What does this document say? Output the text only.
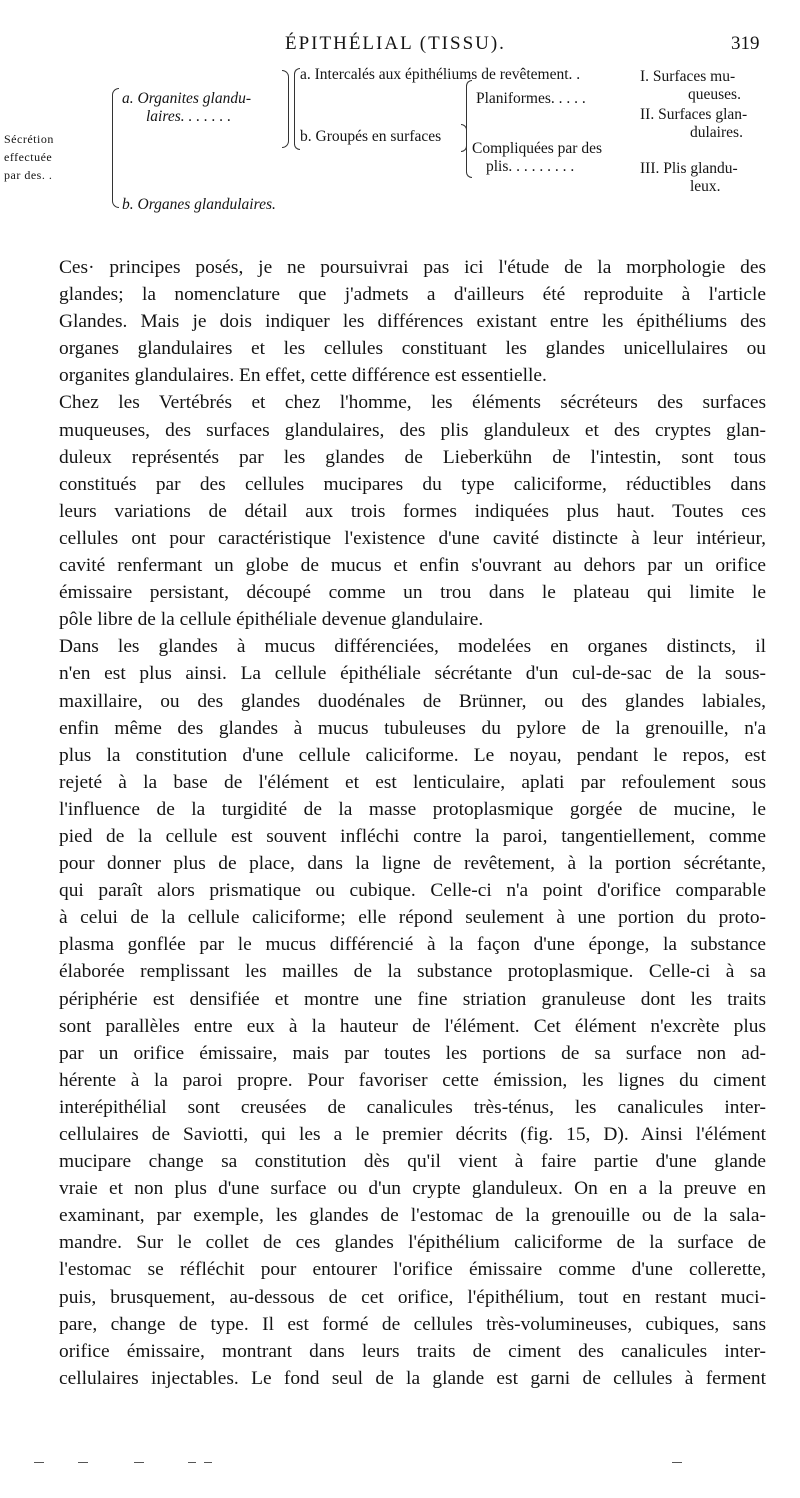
ÉPITHÉLIAL (TISSU).	319
Sécrétion
effectuée
par des. .
a. Organites glandu-
laires. . . . . . .
b. Organes glandulaires.
a. Intercalés aux épithéliums de revêtement. .
b. Groupés en surfaces
Planiformes. . . . .
Compliquées par des
plis. . . . . . . . .
I. Surfaces mu-
queuses.
II. Surfaces glan-
dulaires.
III. Plis glandu-
leux.

Ces· principes posés, je ne poursuivrai pas ici l'étude de la morphologie des
glandes; la nomenclature que j'admets a d'ailleurs été reproduite à l'article
Glandes. Mais je dois indiquer les différences existant entre les épithéliums des
organes glandulaires et les cellules constituant les glandes unicellulaires ou
organites glandulaires. En effet, cette différence est essentielle.

Chez les Vertébrés et chez l'homme, les éléments sécréteurs des surfaces
muqueuses, des surfaces glandulaires, des plis glanduleux et des cryptes glan-
duleux représentés par les glandes de Lieberkühn de l'intestin, sont tous
constitués par des cellules mucipares du type caliciforme, réductibles dans
leurs variations de détail aux trois formes indiquées plus haut. Toutes ces
cellules ont pour caractéristique l'existence d'une cavité distincte à leur intérieur,
cavité renfermant un globe de mucus et enfin s'ouvrant au dehors par un orifice
émissaire persistant, découpé comme un trou dans le plateau qui limite le
pôle libre de la cellule épithéliale devenue glandulaire.

Dans les glandes à mucus différenciées, modelées en organes distincts, il
n'en est plus ainsi. La cellule épithéliale sécrétante d'un cul-de-sac de la sous-
maxillaire, ou des glandes duodénales de Brünner, ou des glandes labiales,
enfin même des glandes à mucus tubuleuses du pylore de la grenouille, n'a
plus la constitution d'une cellule caliciforme. Le noyau, pendant le repos, est
rejeté à la base de l'élément et est lenticulaire, aplati par refoulement sous
l'influence de la turgidité de la masse protoplasmique gorgée de mucine, le
pied de la cellule est souvent infléchi contre la paroi, tangentiellement, comme
pour donner plus de place, dans la ligne de revêtement, à la portion sécrétante,
qui paraît alors prismatique ou cubique. Celle-ci n'a point d'orifice comparable
à celui de la cellule caliciforme; elle répond seulement à une portion du proto-
plasma gonflée par le mucus différencié à la façon d'une éponge, la substance
élaborée remplissant les mailles de la substance protoplasmique. Celle-ci à sa
périphérie est densifiée et montre une fine striation granuleuse dont les traits
sont parallèles entre eux à la hauteur de l'élément. Cet élément n'excrète plus
par un orifice émissaire, mais par toutes les portions de sa surface non ad-
hérente à la paroi propre. Pour favoriser cette émission, les lignes du ciment
interépithélial sont creusées de canalicules très-ténus, les canalicules inter-
cellulaires de Saviotti, qui les a le premier décrits (fig. 15, D). Ainsi l'élément
mucipare change sa constitution dès qu'il vient à faire partie d'une glande
vraie et non plus d'une surface ou d'un crypte glanduleux. On en a la preuve en
examinant, par exemple, les glandes de l'estomac de la grenouille ou de la sala-
mandre. Sur le collet de ces glandes l'épithélium caliciforme de la surface de
l'estomac se réfléchit pour entourer l'orifice émissaire comme d'une collerette,
puis, brusquement, au-dessous de cet orifice, l'épithélium, tout en restant muci-
pare, change de type. Il est formé de cellules très-volumineuses, cubiques, sans
orifice émissaire, montrant dans leurs traits de ciment des canalicules inter-
cellulaires injectables. Le fond seul de la glande est garni de cellules à ferment
